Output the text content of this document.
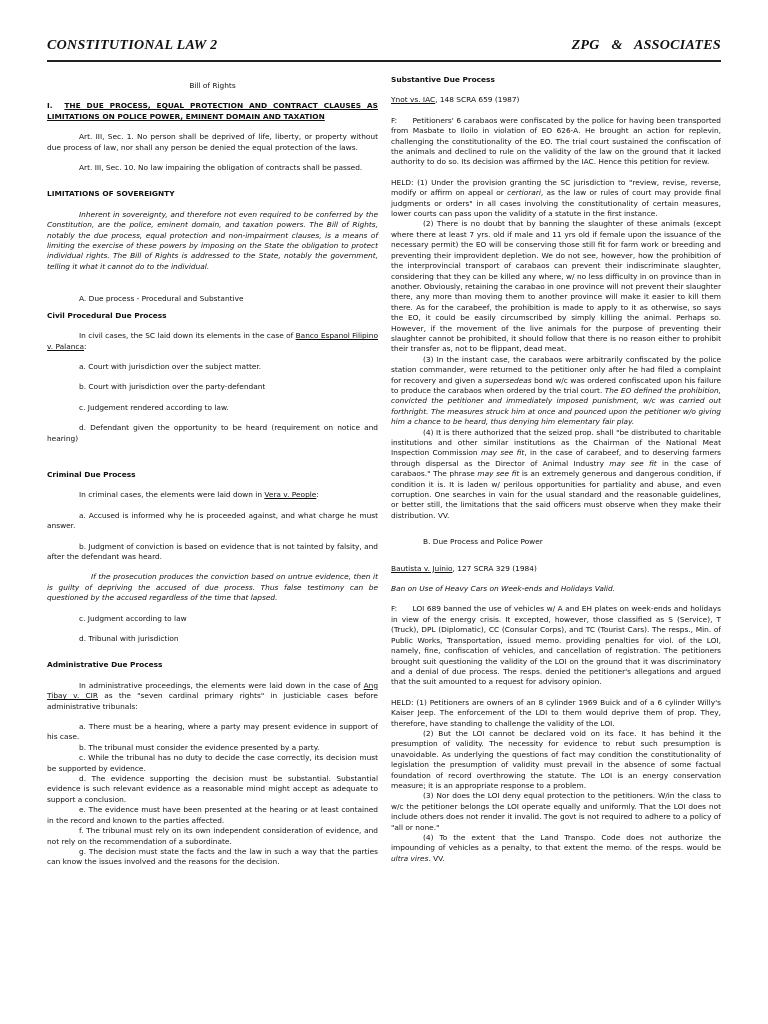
CONSTITUTIONAL LAW 2	ZPG & ASSOCIATES

Bill of Rights

I. THE DUE PROCESS, EQUAL PROTECTION AND CONTRACT CLAUSES AS LIMITATIONS ON POLICE POWER, EMINENT DOMAIN AND TAXATION

Art. III, Sec. 1. No person shall be deprived of life, liberty, or property without due process of law, nor shall any person be denied the equal protection of the laws.

Art. III, Sec. 10. No law impairing the obligation of contracts shall be passed.

LIMITATIONS OF SOVEREIGNTY

Inherent in sovereignty, and therefore not even required to be conferred by the Constitution, are the police, eminent domain, and taxation powers. The Bill of Rights, notably the due process, equal protection and non-impairment clauses, is a means of limiting the exercise of these powers by imposing on the State the obligation to protect individual rights. The Bill of Rights is addressed to the State, notably the government, telling it what it cannot do to the individual.

A. Due process - Procedural and Substantive

Civil Procedural Due Process

In civil cases, the SC laid down its elements in the case of Banco Espanol Filipino v. Palanca:

a. Court with jurisdiction over the subject matter.

b. Court with jurisdiction over the party-defendant

c. Judgement rendered according to law.

d. Defendant given the opportunity to be heard (requirement on notice and hearing)

Criminal Due Process

In criminal cases, the elements were laid down in Vera v. People:

a. Accused is informed why he is proceeded against, and what charge he must answer.

b. Judgment of conviction is based on evidence that is not tainted by falsity, and after the defendant was heard.

If the prosecution produces the conviction based on untrue evidence, then it is guilty of depriving the accused of due process. Thus false testimony can be questioned by the accused regardless of the time that lapsed.

c. Judgment according to law

d. Tribunal with jurisdiction

Administrative Due Process

In administrative proceedings, the elements were laid down in the case of Ang Tibay v. CIR as the "seven cardinal primary rights" in justiciable cases before administrative tribunals:

a. There must be a hearing, where a party may present evidence in support of his case.

b. The tribunal must consider the evidence presented by a party.

c. While the tribunal has no duty to decide the case correctly, its decision must be supported by evidence.

d. The evidence supporting the decision must be substantial. Substantial evidence is such relevant evidence as a reasonable mind might accept as adequate to support a conclusion.

e. The evidence must have been presented at the hearing or at least contained in the record and known to the parties affected.

f. The tribunal must rely on its own independent consideration of evidence, and not rely on the recommendation of a subordinate.

g. The decision must state the facts and the law in such a way that the parties can know the issues involved and the reasons for the decision.

Substantive Due Process

Ynot vs. IAC, 148 SCRA 659 (1987)

F: Petitioners' 6 carabaos were confiscated by the police for having been transported from Masbate to Iloilo in violation of EO 626-A. He brought an action for replevin, challenging the constitutionality of the EO. The trial court sustained the confiscation of the animals and declined to rule on the validity of the law on the ground that it lacked authority to do so. Its decision was affirmed by the IAC. Hence this petition for review.

HELD: (1) Under the provision granting the SC jurisdiction to "review, revise, reverse, modify or affirm on appeal or certiorari, as the law or rules of court may provide final judgments or orders" in all cases involving the constitutionality of certain measures, lower courts can pass upon the validity of a statute in the first instance.

(2) There is no doubt that by banning the slaughter of these animals (except where there at least 7 yrs. old if male and 11 yrs old if female upon the issuance of the necessary permit) the EO will be conserving those still fit for farm work or breeding and preventing their improvident depletion. We do not see, however, how the prohibition of the interprovincial transport of carabaos can prevent their indiscriminate slaughter, considering that they can be killed any where, w/ no less difficulty in on province than in another. Obviously, retaining the carabao in one province will not prevent their slaughter there, any more than moving them to another province will make it easier to kill them there. As for the carabeef, the prohibition is made to apply to it as otherwise, so says the EO, it could be easily circumscribed by simply killing the animal. Perhaps so. However, if the movement of the live animals for the purpose of preventing their slaughter cannot be prohibited, it should follow that there is no reason either to prohibit their transfer as, not to be flippant, dead meat.

(3) In the instant case, the carabaos were arbitrarily confiscated by the police station commander, were returned to the petitioner only after he had filed a complaint for recovery and given a supersedeas bond w/c was ordered confiscated upon his failure to produce the carabaos when ordered by the trial court. The EO defined the prohibition, convicted the petitioner and immediately imposed punishment, w/c was carried out forthright. The measures struck him at once and pounced upon the petitioner w/o giving him a chance to be heard, thus denying him elementary fair play.

(4) It is there authorized that the seized prop. shall "be distributed to charitable institutions and other similar institutions as the Chairman of the National Meat Inspection Commission may see fit, in the case of carabeef, and to deserving farmers through dispersal as the Director of Animal Industry may see fit in the case of carabaos." The phrase may see fit is an extremely generous and dangerous condition, if condition it is. It is laden w/ perilous opportunities for partiality and abuse, and even corruption. One searches in vain for the usual standard and the reasonable guidelines, or better still, the limitations that the said officers must observe when they make their distribution. VV.

B. Due Process and Police Power

Bautista v. Juinio, 127 SCRA 329 (1984)

Ban on Use of Heavy Cars on Week-ends and Holidays Valid.

F: LOI 689 banned the use of vehicles w/ A and EH plates on week-ends and holidays in view of the energy crisis. It excepted, however, those classified as S (Service), T (Truck), DPL (Diplomatic), CC (Consular Corps), and TC (Tourist Cars). The resps., Min. of Public Works, Transportation, issued memo. providing penalties for viol. of the LOI, namely, fine, confiscation of vehicles, and cancellation of registration. The petitioners brought suit questioning the validity of the LOI on the ground that it was discriminatory and a denial of due process. The resps. denied the petitioner's allegations and argued that the suit amounted to a request for advisory opinion.

HELD: (1) Petitioners are owners of an 8 cylinder 1969 Buick and of a 6 cylinder Willy's Kaiser Jeep. The enforcement of the LOI to them would deprive them of prop. They, therefore, have standing to challenge the validity of the LOI.

(2) But the LOI cannot be declared void on its face. It has behind it the presumption of validity. The necessity for evidence to rebut such presumption is unavoidable. As underlying the questions of fact may condition the constitutionality of legislation the presumption of validity must prevail in the absence of some factual foundation of record overthrowing the statute. The LOI is an energy conservation measure; it is an appropriate response to a problem.

(3) Nor does the LOI deny equal protection to the petitioners. W/in the class to w/c the petitioner belongs the LOI operate equally and uniformly. That the LOI does not include others does not render it invalid. The govt is not required to adhere to a policy of "all or none."

(4) To the extent that the Land Transpo. Code does not authorize the impounding of vehicles as a penalty, to that extent the memo. of the resps. would be ultra vires. VV.
